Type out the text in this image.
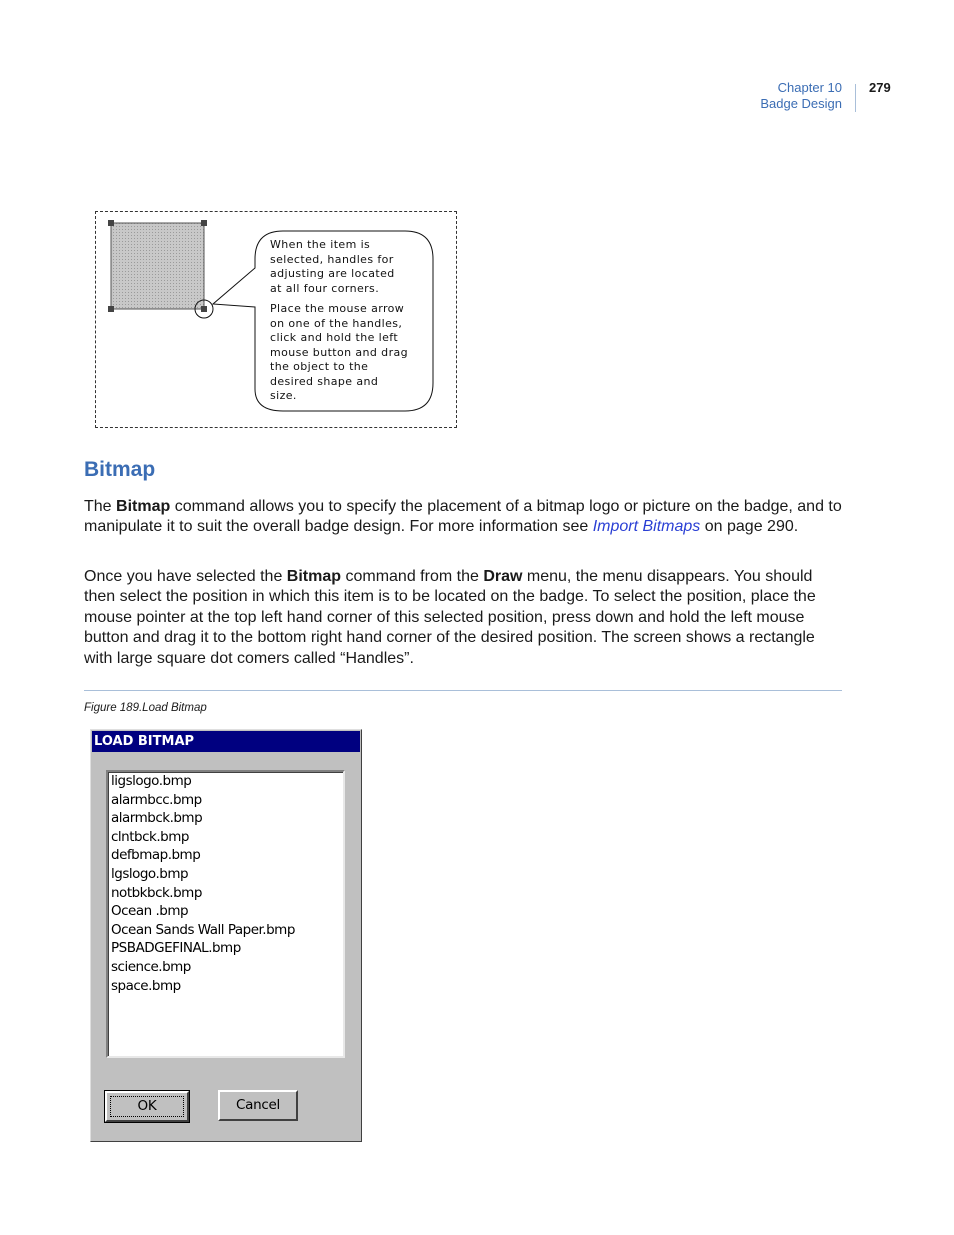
Chapter 10
Badge Design
279
When the item is
selected, handles for
adjusting are located
at all four corners.
Place the mouse arrow
on one of the handles,
click and hold the left
mouse button and drag
the object to the
desired shape and
size.
Bitmap
The Bitmap command allows you to specify the placement of a bitmap logo or picture on the badge, and to manipulate it to suit the overall badge design. For more information see Import Bitmaps on page 290.
Once you have selected the Bitmap command from the Draw menu, the menu disappears. You should then select the position in which this item is to be located on the badge. To select the position, place the mouse pointer at the top left hand corner of this selected position, press down and hold the left mouse button and drag it to the bottom right hand corner of the desired position. The screen shows a rectangle with large square dot comers called “Handles”.
Figure 189.Load Bitmap
LOAD BITMAP
ligslogo.bmp
alarmbcc.bmp
alarmbck.bmp
clntbck.bmp
defbmap.bmp
lgslogo.bmp
notbkbck.bmp
Ocean .bmp
Ocean Sands Wall Paper.bmp
PSBADGEFINAL.bmp
science.bmp
space.bmp
OK	Cancel
